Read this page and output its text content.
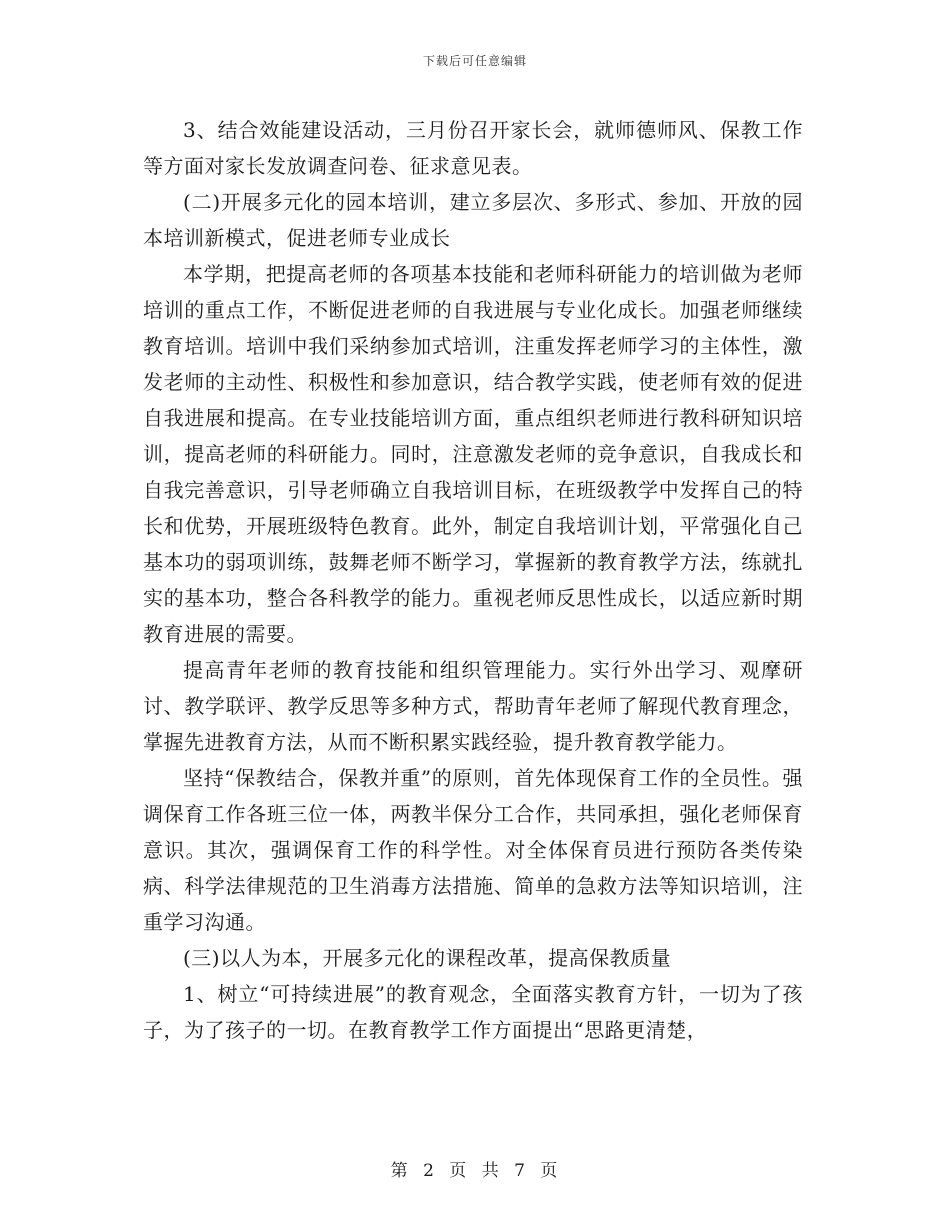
下载后可任意编辑

3、结合效能建设活动，三月份召开家长会，就师德师风、保教工作等方面对家长发放调查问卷、征求意见表。

(二)开展多元化的园本培训，建立多层次、多形式、参加、开放的园本培训新模式，促进老师专业成长

本学期，把提高老师的各项基本技能和老师科研能力的培训做为老师培训的重点工作，不断促进老师的自我进展与专业化成长。加强老师继续教育培训。培训中我们采纳参加式培训，注重发挥老师学习的主体性，激发老师的主动性、积极性和参加意识，结合教学实践，使老师有效的促进自我进展和提高。在专业技能培训方面，重点组织老师进行教科研知识培训，提高老师的科研能力。同时，注意激发老师的竞争意识，自我成长和自我完善意识，引导老师确立自我培训目标，在班级教学中发挥自己的特长和优势，开展班级特色教育。此外，制定自我培训计划，平常强化自己基本功的弱项训练，鼓舞老师不断学习，掌握新的教育教学方法，练就扎实的基本功，整合各科教学的能力。重视老师反思性成长，以适应新时期教育进展的需要。

提高青年老师的教育技能和组织管理能力。实行外出学习、观摩研讨、教学联评、教学反思等多种方式，帮助青年老师了解现代教育理念，掌握先进教育方法，从而不断积累实践经验，提升教育教学能力。

坚持“保教结合，保教并重”的原则，首先体现保育工作的全员性。强调保育工作各班三位一体，两教半保分工合作，共同承担，强化老师保育意识。其次，强调保育工作的科学性。对全体保育员进行预防各类传染病、科学法律规范的卫生消毒方法措施、简单的急救方法等知识培训，注重学习沟通。

(三)以人为本，开展多元化的课程改革，提高保教质量

1、树立“可持续进展”的教育观念，全面落实教育方针，一切为了孩子，为了孩子的一切。在教育教学工作方面提出“思路更清楚，

第 2 页 共 7 页
